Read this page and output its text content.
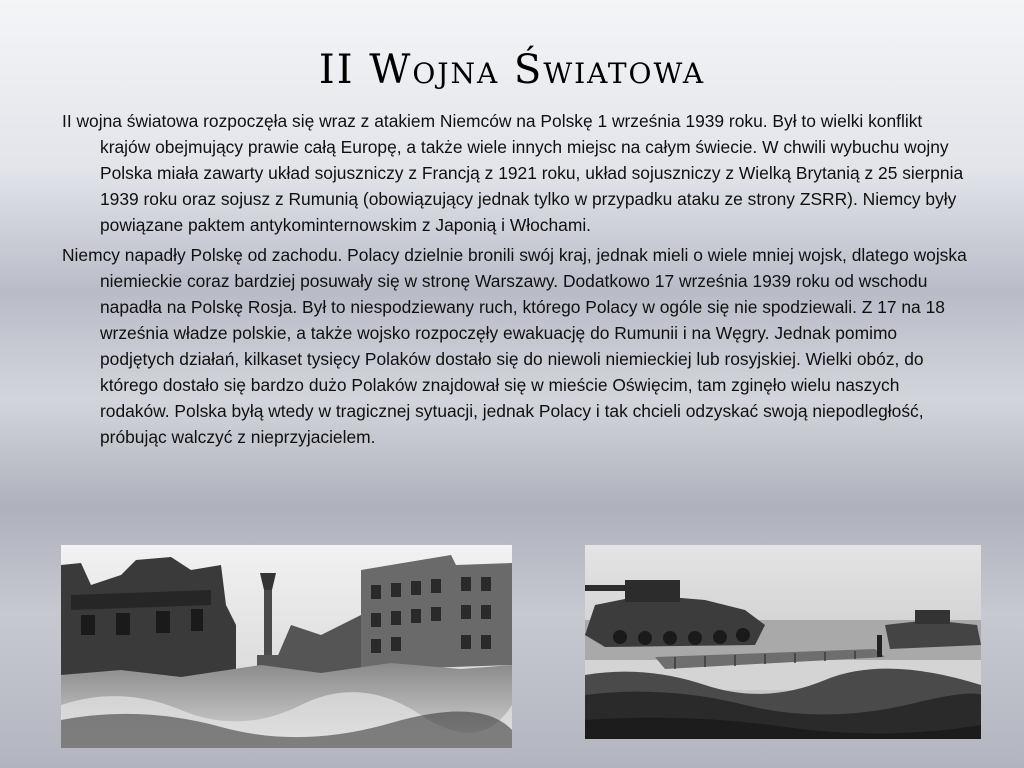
II Wojna Światowa

II wojna światowa rozpoczęła się wraz z atakiem Niemców na Polskę 1 września 1939 roku. Był to wielki konflikt krajów obejmujący prawie całą Europę, a także wiele innych miejsc na całym świecie. W chwili wybuchu wojny Polska miała zawarty układ sojuszniczy z Francją z 1921 roku, układ sojuszniczy z Wielką Brytanią z 25 sierpnia 1939 roku oraz sojusz z Rumunią (obowiązujący jednak tylko w przypadku ataku ze strony ZSRR). Niemcy były powiązane paktem antykominternowskim z Japonią i Włochami.

Niemcy napadły Polskę od zachodu. Polacy dzielnie bronili swój kraj, jednak mieli o wiele mniej wojsk, dlatego wojska niemieckie coraz bardziej posuwały się w stronę Warszawy. Dodatkowo 17 września 1939 roku od wschodu napadła na Polskę Rosja. Był to niespodziewany ruch, którego Polacy w ogóle się nie spodziewali. Z 17 na 18 września władze polskie, a także wojsko rozpoczęły ewakuację do Rumunii i na Węgry. Jednak pomimo podjętych działań, kilkaset tysięcy Polaków dostało się do niewoli niemieckiej lub rosyjskiej. Wielki obóz, do którego dostało się bardzo dużo Polaków znajdował się w mieście Oświęcim, tam zginęło wielu naszych rodaków. Polska byłą wtedy w tragicznej sytuacji, jednak Polacy i tak chcieli odzyskać swoją niepodległość, próbując walczyć z nieprzyjacielem.
